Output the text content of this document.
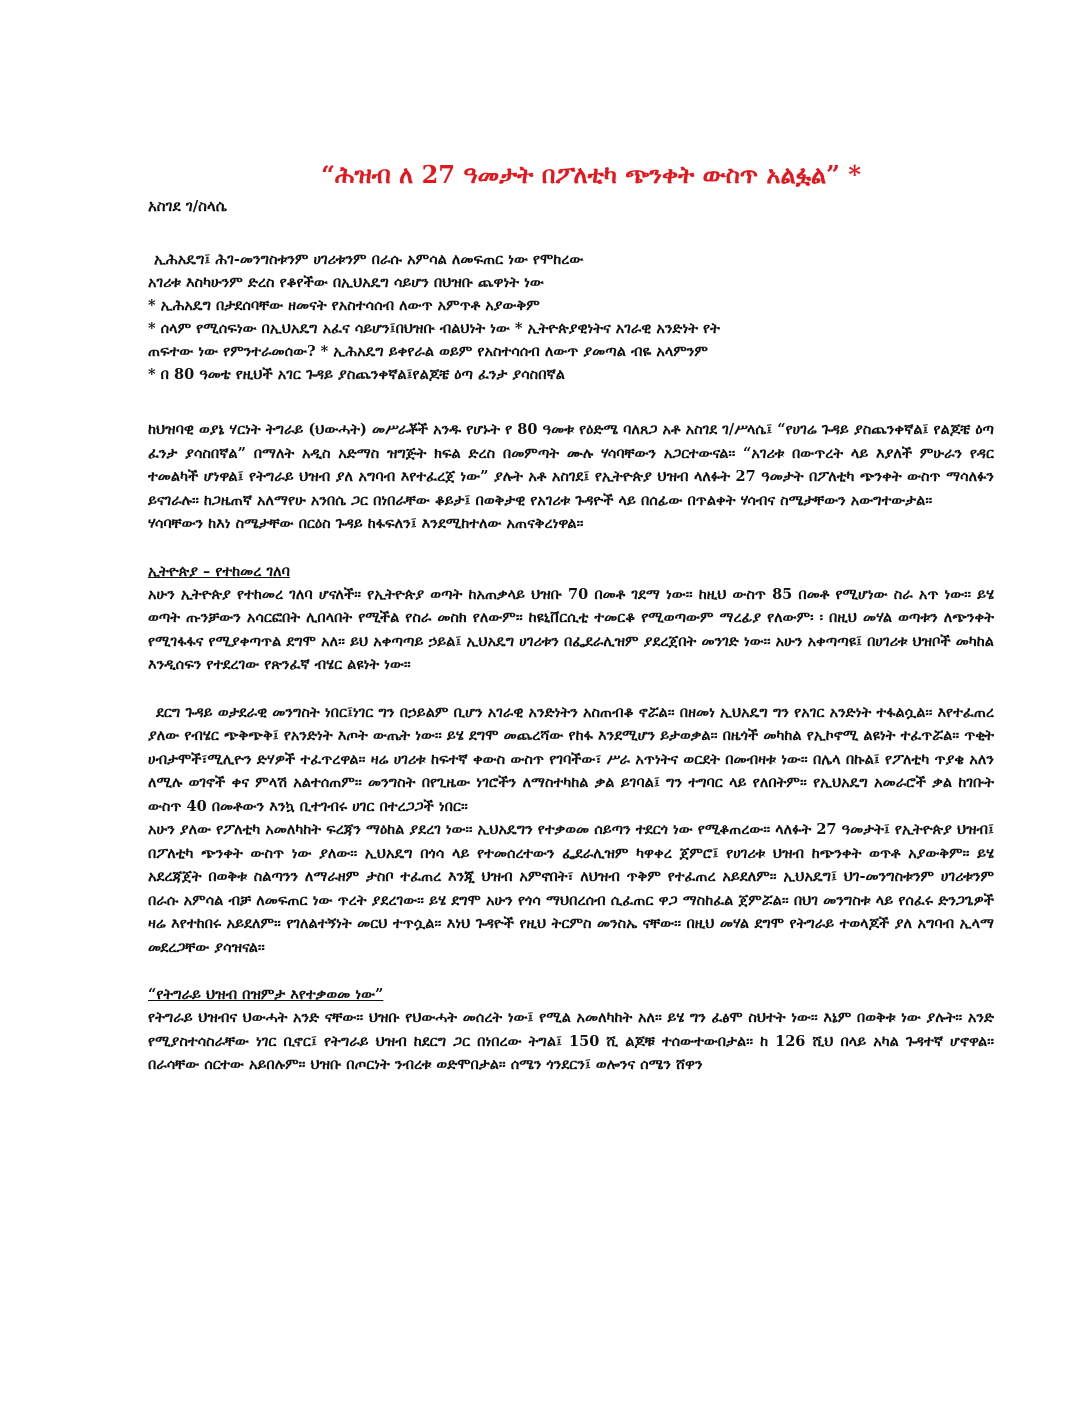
“ሕዝብ ለ 27 ዓመታት በፖለቲካ ጭንቀት ውስጥ አልፏል” *
አስገደ ገ/ስላሴ
ኢሕአዴግ፤ ሕገ-መንግስቱንም ሀገሪቱንም በራሱ አምሳል ለመፍጠር ነው የሞከረው
አገሪቱ እስካሁንም ድረስ የቆየችው በኢህአዴግ ሳይሆን በህዝቡ ጨዋነት ነው
* ኢሕአዴግ በታደሰባቸው ዘመናት የአስተሳሰብ ለውጥ አምጥቶ አያውቅም
* ሰላም የሚሰፍነው በኢህአዴግ አፈና ሳይሆን፤በህዝቡ ብልህነት ነው * ኢትዮጵያዊነትና አገራዊ አንድነት የት
ጠፍተው ነው የምንተራመሰው? * ኢሕአዴግ ይቀየራል ወይም የአስተሳሰብ ለውጥ ያመጣል ብዬ አላምንም
* በ 80 ዓመቴ የዚህች አገር ጉዳይ ያስጨንቀኛል፤የልጆቼ ዕጣ ፈንታ ያሳስበኛል

ከህዝባዊ ወያኔ ሃርነት ትግራይ (ህውሓት) መሥራቾች አንዱ የሆኑት የ 80 ዓመቱ የዕድሜ ባለጸጋ አቶ አስገደ ገ/ሥላሴ፤ “የሀገሬ ጉዳይ ያስጨንቀኛል፤ የልጆቼ ዕጣ ፈንታ ያሳስበኛል” በማለት አዲስ አድማስ ዝግጅት ክፍል ድረስ በመምጣት ሙሉ ሃሳባቸውን አጋርተውናል፡፡ “አገሪቱ በውጥረት ላይ እያለች ምሁራን የዳር ተመልካች ሆነዋል፤ የትግራይ ህዝብ ያለ አግባብ እየተፈረጀ ነው” ያሉት አቶ አስገደ፤ የኢትዮጵያ ህዝብ ላለፉት 27 ዓመታት በፖለቲካ ጭንቀት ውስጥ ማሳለፉን ይናገራሉ፡፡ ከጋዜጠኛ አለማየሁ አንበሴ ጋር በነበራቸው ቆይታ፤ በወቅታዊ የአገሪቱ ጉዳዮች ላይ በሰፊው በጥልቀት ሃሳብና ስሜታቸውን አውግተውታል፡፡

ሃሳባቸውን ከእነ ስሜታቸው በርዕስ ጉዳይ ከፋፍለን፤ እንደሚከተለው አጠናቅረነዋል፡፡

ኢትዮጵያ – የተከመረ ገለባ

አሁን ኢትዮጵያ የተከመረ ገለባ ሆናለች። የኢትዮጵያ ወጣት ከአጠቃላይ ህዝቡ 70 በመቶ ገደማ ነው፡፡ ከዚህ ውስጥ 85 በመቶ የሚሆነው ስራ አጥ ነው፡፡ ይሄ ወጣት ጡንቻውን አሳርፎበት ሊበላበት የሚችል የስራ መስክ የለውም፡፡ ከዩኒቨርሲቲ ተመርቆ የሚወጣውም ማረፊያ የለውም፡ ፡ በዚህ መሃል ወጣቱን ለጭንቀት የሚገፋፋና የሚያቀጣጥል ደግሞ አለ፡፡ ይህ አቀጣጣይ ኃይል፤ ኢህአዴግ ሀገሪቱን በፌደራሊዝም ያደረጀበት መንገድ ነው፡፡ አሁን አቀጣጣዩ፤ በሀገሪቱ ህዝቦች መካከል እንዲሰፍን የተደረገው የጽንፈኛ ብሄር ልዩነት ነው፡፡

ደርግ ጉዳይ ወታደራዊ መንግስት ነበር፤ነገር ግን በኃይልም ቢሆን አገራዊ አንድነትን አስጠብቆ ኖሯል፡፡ በዘመነ ኢህአዴግ ግን የአገር አንድነት ተፋልሷል፡፡ እየተፈጠረ ያለው የብሄር ጭቅጭቅ፤ የአንድነት እጦት ውጤት ነው፡፡ ይሄ ደግሞ መጨረሻው የከፋ እንደሚሆን ይታወቃል፡፡ በዜጎች መካከል የኢኮኖሚ ልዩነት ተፈጥሯል። ጥቂት ሀብታሞች፣ሚሊዮን ድሃዎች ተፈጥረዋል። ዛሬ ሀገሪቱ ከፍተኛ ቀውስ ውስጥ የገባችው፣ ሥራ አጥነትና ወርደት በመብዛቱ ነው፡፡ በሌላ በኩል፤ የፖለቲካ ጥያቄ አለን ለሚሉ ወገኖች ቀና ምላሽ አልተሰጠም፡፡ መንግስት በየጊዜው ነገሮችን ለማስተካከል ቃል ይገባል፤ ግን ተግባር ላይ የለበትም፡፡ የኢህአዴግ አመራሮች ቃል ከገቡት ውስጥ 40 በመቶውን እንኳ ቢተገብሩ ሀገር በተረጋጋች ነበር፡፡

አሁን ያለው የፖለቲካ አመለካከት ፍረጃን ማዕከል ያደረገ ነው፡፡ ኢህአዴግን የተቃወመ ሰይጣን ተደርጎ ነው የሚቆጠረው፡፡ ላለፉት 27 ዓመታት፤ የኢትዮጵያ ህዝብ፤ በፖለቲካ ጭንቀት ውስጥ ነው ያለው፡፡ ኢህአዴግ በጎሳ ላይ የተመሰረተውን ፌደራሊዝም ካዋቀረ ጀምሮ፤ የሀገሪቱ ህዝብ ከጭንቀት ወጥቶ አያውቅም። ይሄ አደረጃጀት በወቅቱ ስልጣንን ለማራዘም ታስቦ ተፈጠረ እንጂ ህዝብ አምኖበት፣ ለህዝብ ጥቅም የተፈጠረ አይደለም፡፡ ኢህአዴግ፤ ህገ-መንግስቱንም ሀገሪቱንም በራሱ አምሳል ብቻ ለመፍጠር ነው ጥረት ያደረገው፡፡ ይሄ ደግሞ አሁን የጎሳ ማህበረሰብ ሲፈጠር ዋጋ ማስከፈል ጀምሯል፡፡ በህገ መንግስቱ ላይ የሰፈሩ ድንጋጌዎች ዛሬ እየተከበሩ አይደለም፡፡ የገለልተኝነት መርህ ተጥሷል፡፡ እነህ ጉዳዮች የዚህ ትርምስ መንስኤ ናቸው፡፡ በዚህ መሃል ደግሞ የትግራይ ተወላጆች ያለ አግባብ ኢላማ መደረጋቸው ያሳዝናል፡፡

“የትግራይ ህዝብ በዝምታ እየተቃወመ ነው”

የትግራይ ህዝብና ህውሓት አንድ ናቸው፡፡ ህዝቡ የህውሓት መሰረት ነው፤ የሚል አመለካከት አለ፡፡ ይሄ ግን ፈፅሞ ስህተት ነው፡፡ እኔም በወቅቱ ነው ያሉት፡፡ አንድ የሚያስተሳስራቸው ነገር ቢኖር፤ የትግራይ ህዝብ ከደርግ ጋር በነበረው ትግል፤ 150 ሺ ልጆቹ ተሰውተውበታል፡፡ ከ 126 ሺህ በላይ አካል ጉዳተኛ ሆኖዋል፡፡ በራሳቸው ሰርተው አይበሉም። ህዝቡ በጦርነት ንብረቱ ወድሞበታል። ሰሜን ጎንደርን፤ ወሎንና ሰሜን ሸዋን
